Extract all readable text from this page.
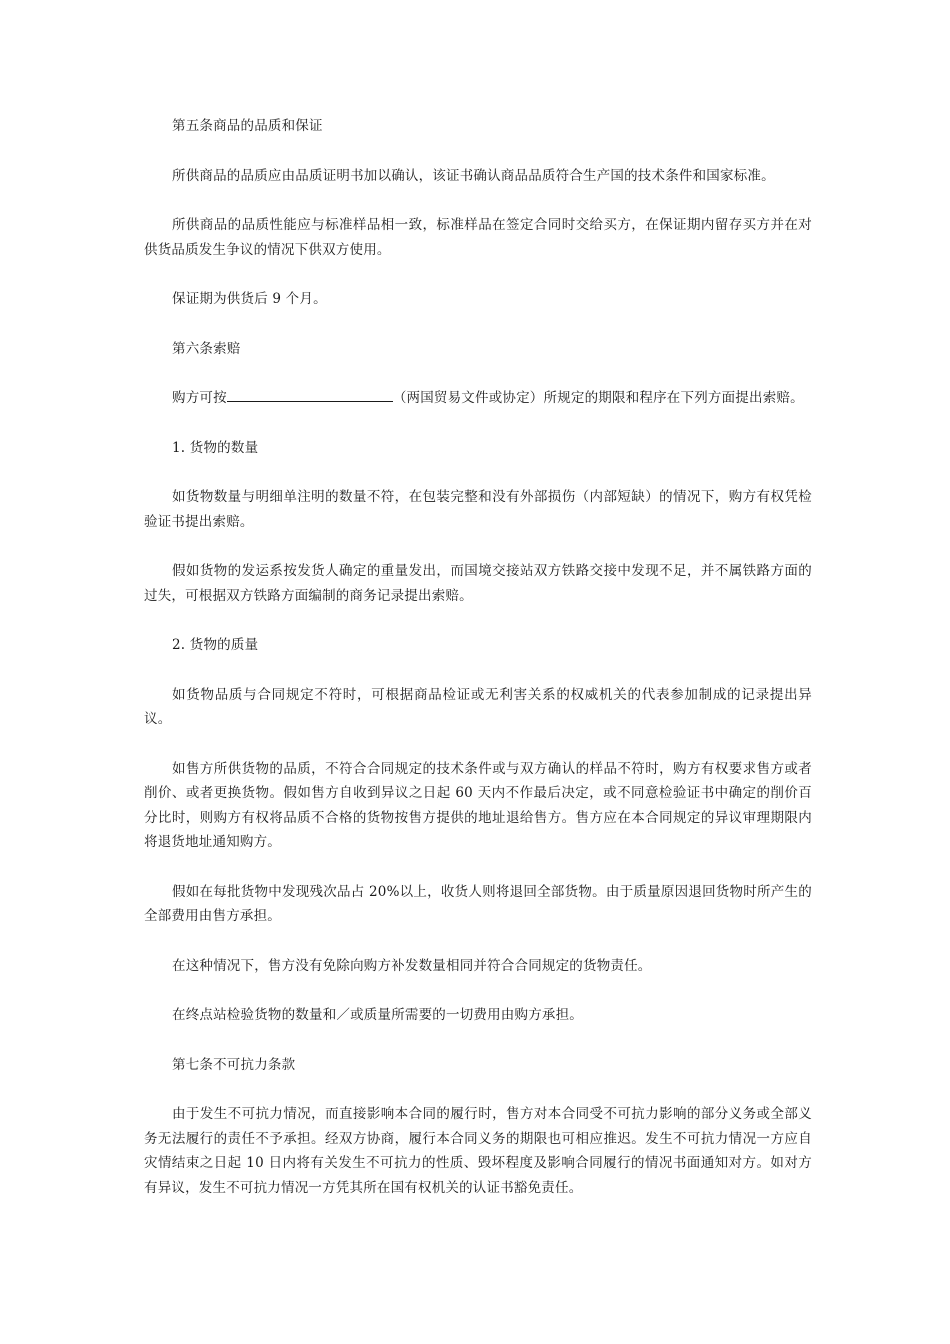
第五条商品的品质和保证

所供商品的品质应由品质证明书加以确认，该证书确认商品品质符合生产国的技术条件和国家标准。

所供商品的品质性能应与标准样品相一致，标准样品在签定合同时交给买方，在保证期内留存买方并在对供货品质发生争议的情况下供双方使用。

保证期为供货后 9 个月。

第六条索赔

购方可按	（两国贸易文件或协定）所规定的期限和程序在下列方面提出索赔。

1. 货物的数量

如货物数量与明细单注明的数量不符，在包装完整和没有外部损伤（内部短缺）的情况下，购方有权凭检验证书提出索赔。

假如货物的发运系按发货人确定的重量发出，而国境交接站双方铁路交接中发现不足，并不属铁路方面的过失，可根据双方铁路方面编制的商务记录提出索赔。

2. 货物的质量

如货物品质与合同规定不符时，可根据商品检证或无利害关系的权威机关的代表参加制成的记录提出异议。

如售方所供货物的品质，不符合合同规定的技术条件或与双方确认的样品不符时，购方有权要求售方或者削价、或者更换货物。假如售方自收到异议之日起 60 天内不作最后决定，或不同意检验证书中确定的削价百分比时，则购方有权将品质不合格的货物按售方提供的地址退给售方。售方应在本合同规定的异议审理期限内将退货地址通知购方。

假如在每批货物中发现残次品占 20%以上，收货人则将退回全部货物。由于质量原因退回货物时所产生的全部费用由售方承担。

在这种情况下，售方没有免除向购方补发数量相同并符合合同规定的货物责任。

在终点站检验货物的数量和／或质量所需要的一切费用由购方承担。

第七条不可抗力条款

由于发生不可抗力情况，而直接影响本合同的履行时，售方对本合同受不可抗力影响的部分义务或全部义务无法履行的责任不予承担。经双方协商，履行本合同义务的期限也可相应推迟。发生不可抗力情况一方应自灾情结束之日起 10 日内将有关发生不可抗力的性质、毁坏程度及影响合同履行的情况书面通知对方。如对方有异议，发生不可抗力情况一方凭其所在国有权机关的认证书豁免责任。
